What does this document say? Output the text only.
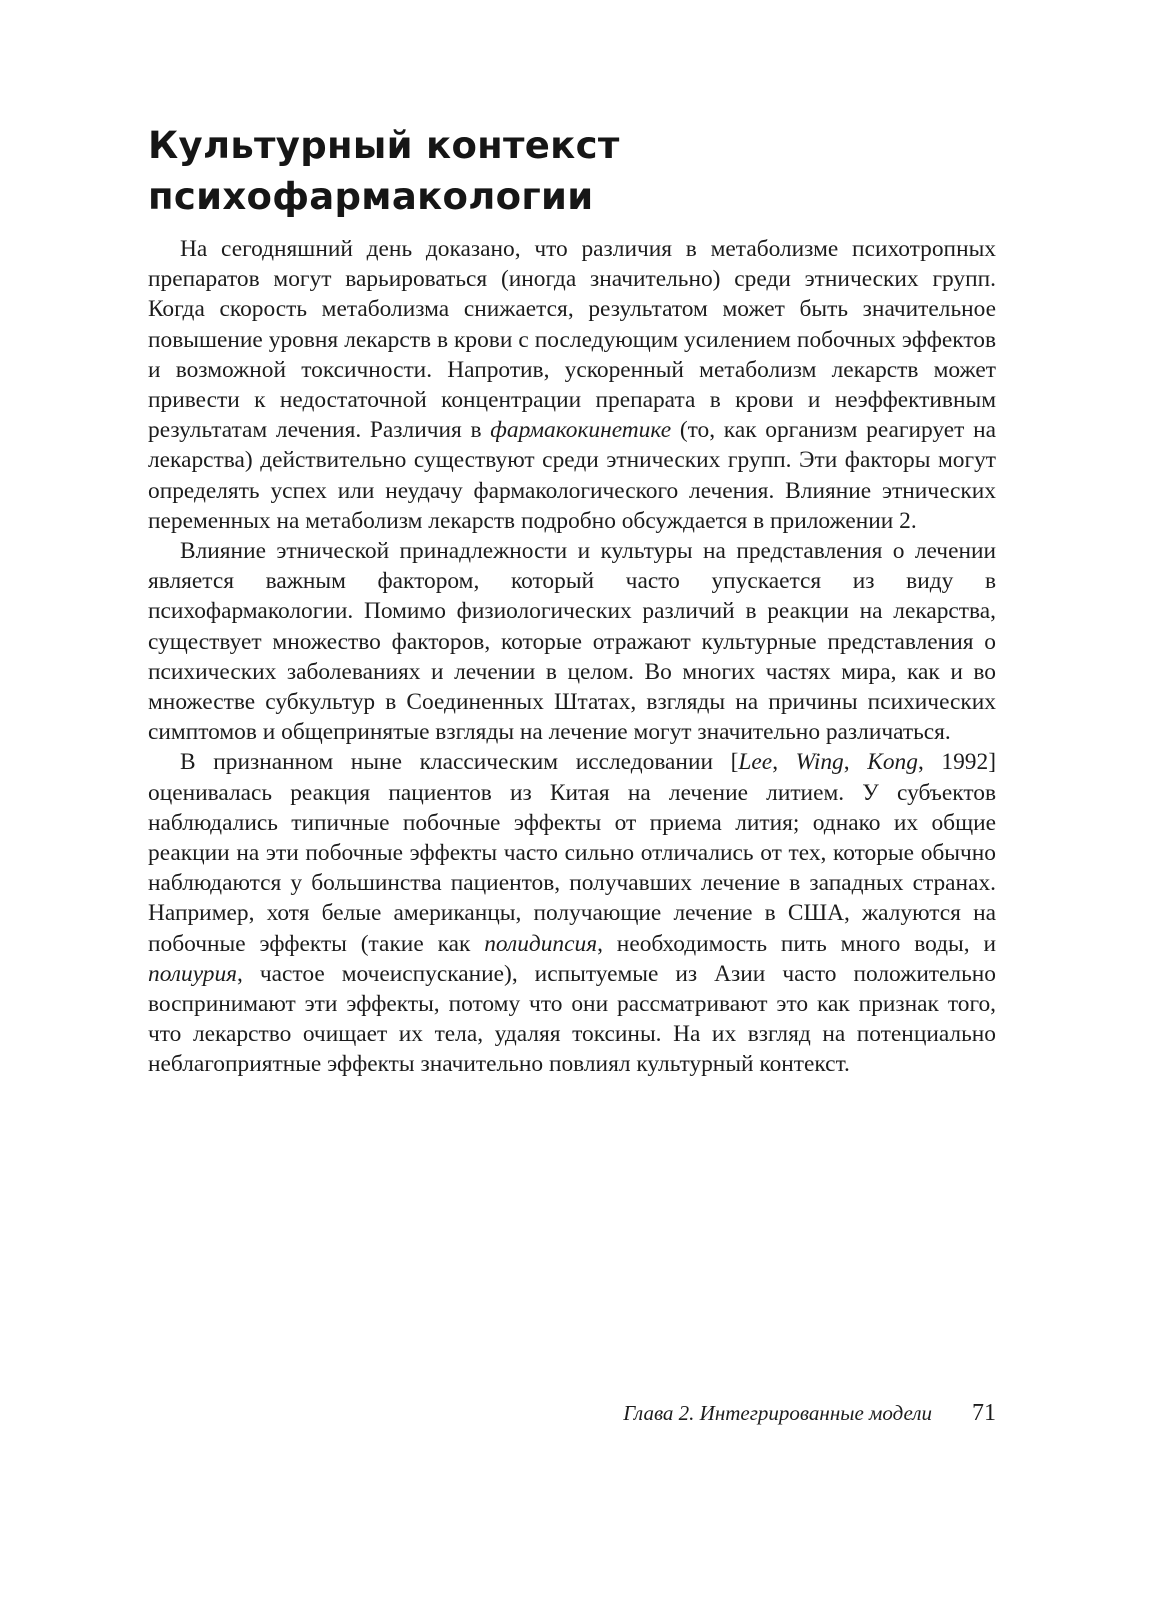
Культурный контекст
психофармакологии

На сегодняшний день доказано, что различия в метаболизме психотропных препаратов могут варьироваться (иногда значительно) среди этнических групп. Когда скорость метаболизма снижается, результатом может быть значительное повышение уровня лекарств в крови с последующим усилением побочных эффектов и возможной токсичности. Напротив, ускоренный метаболизм лекарств может привести к недостаточной концентрации препарата в крови и неэффективным результатам лечения. Различия в фармакокинетике (то, как организм реагирует на лекарства) действительно существуют среди этнических групп. Эти факторы могут определять успех или неудачу фармакологического лечения. Влияние этнических переменных на метаболизм лекарств подробно обсуждается в приложении 2.

Влияние этнической принадлежности и культуры на представления о лечении является важным фактором, который часто упускается из виду в психофармакологии. Помимо физиологических различий в реакции на лекарства, существует множество факторов, которые отражают культурные представления о психических заболеваниях и лечении в целом. Во многих частях мира, как и во множестве субкультур в Соединенных Штатах, взгляды на причины психических симптомов и общепринятые взгляды на лечение могут значительно различаться.

В признанном ныне классическим исследовании [Lee, Wing, Kong, 1992] оценивалась реакция пациентов из Китая на лечение литием. У субъектов наблюдались типичные побочные эффекты от приема лития; однако их общие реакции на эти побочные эффекты часто сильно отличались от тех, которые обычно наблюдаются у большинства пациентов, получавших лечение в западных странах. Например, хотя белые американцы, получающие лечение в США, жалуются на побочные эффекты (такие как полидипсия, необходимость пить много воды, и полиурия, частое мочеиспускание), испытуемые из Азии часто положительно воспринимают эти эффекты, потому что они рассматривают это как признак того, что лекарство очищает их тела, удаляя токсины. На их взгляд на потенциально неблагоприятные эффекты значительно повлиял культурный контекст.

Глава 2. Интегрированные модели 71
